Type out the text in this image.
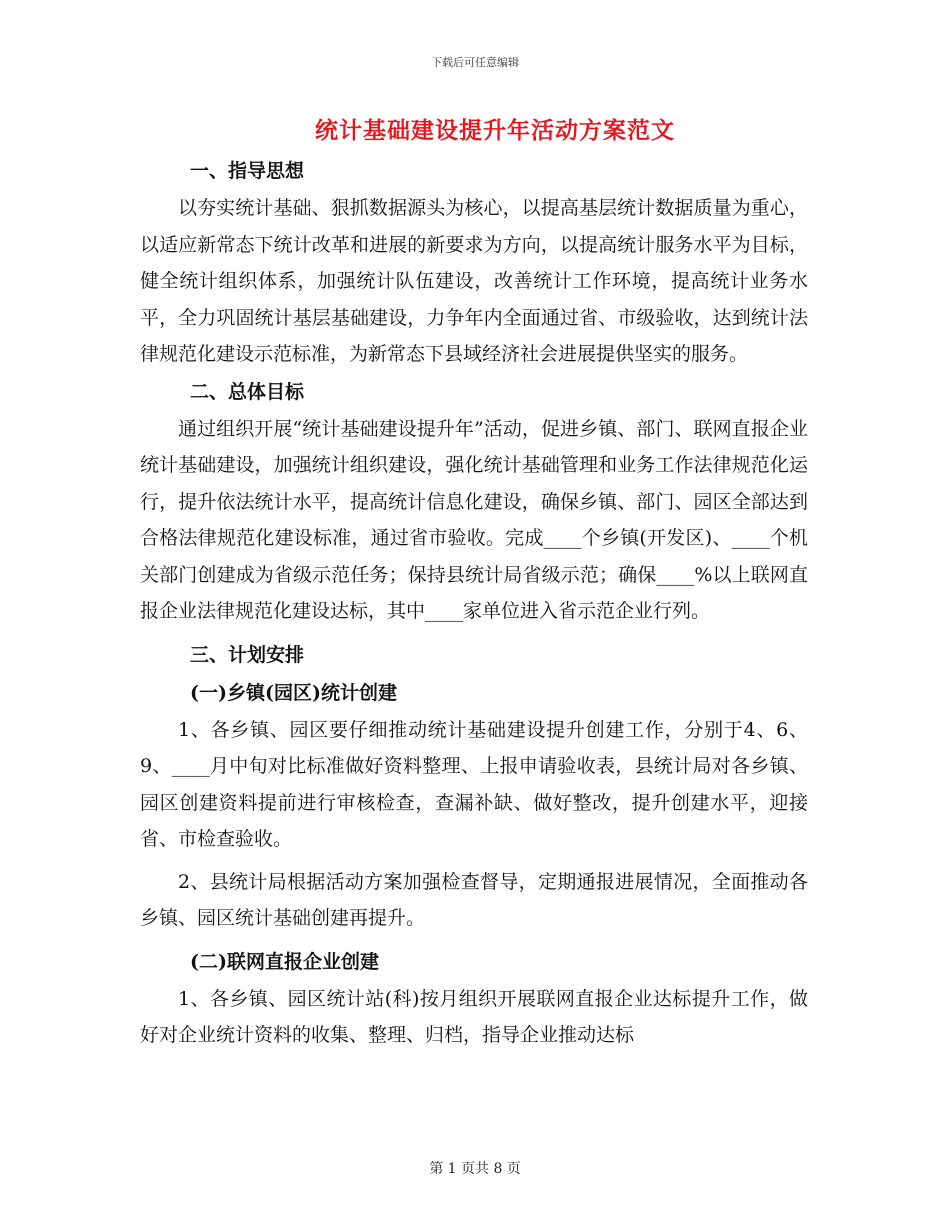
下载后可任意编辑
统计基础建设提升年活动方案范文
一、指导思想

以夯实统计基础、狠抓数据源头为核心，以提高基层统计数据质量为重心，以适应新常态下统计改革和进展的新要求为方向，以提高统计服务水平为目标，健全统计组织体系，加强统计队伍建设，改善统计工作环境，提高统计业务水平，全力巩固统计基层基础建设，力争年内全面通过省、市级验收，达到统计法律规范化建设示范标准，为新常态下县域经济社会进展提供坚实的服务。

二、总体目标

通过组织开展“统计基础建设提升年”活动，促进乡镇、部门、联网直报企业统计基础建设，加强统计组织建设，强化统计基础管理和业务工作法律规范化运行，提升依法统计水平，提高统计信息化建设，确保乡镇、部门、园区全部达到合格法律规范化建设标准，通过省市验收。完成____个乡镇(开发区)、____个机关部门创建成为省级示范任务；保持县统计局省级示范；确保____%以上联网直报企业法律规范化建设达标，其中____家单位进入省示范企业行列。

三、计划安排
(一)乡镇(园区)统计创建

1、各乡镇、园区要仔细推动统计基础建设提升创建工作，分别于4、6、9、____月中旬对比标准做好资料整理、上报申请验收表，县统计局对各乡镇、园区创建资料提前进行审核检查，查漏补缺、做好整改，提升创建水平，迎接省、市检查验收。

2、县统计局根据活动方案加强检查督导，定期通报进展情况，全面推动各乡镇、园区统计基础创建再提升。

(二)联网直报企业创建

1、各乡镇、园区统计站(科)按月组织开展联网直报企业达标提升工作，做好对企业统计资料的收集、整理、归档，指导企业推动达标

第 1 页共 8 页
